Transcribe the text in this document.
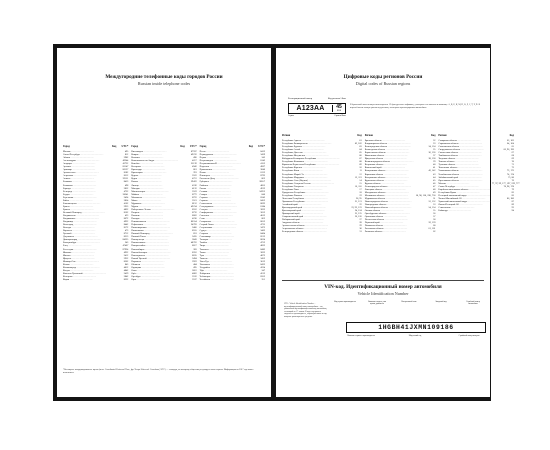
Междугородние телефонные коды городов России
Russian inside telephone codes
Город	Код	UTC*
Москва .....	495
Санкт-Петербург .....	812
Абакан .....	3902
Александров .....	49244
Анадырь .....	42722
Арзамас .....	83147
Армавир .....	86137
Архангельск .....	8182
Астрахань .....	8512
Ачинск .....	39151
Балаково .....	8453
Балашиха .....	498
Барнаул .....	3852
Белгород .....	4722
Бердск .....	38341
Березники .....	3424
Бийск .....	3854
Благовещенск .....	4162
Братск .....	3953
Брянск .....	4832
Великий Новгород .....	8162
Владивосток .....	423
Владикавказ .....	8672
Владимир .....	4922
Волгоград .....	8442
Вологда .....	8172
Воронеж .....	473
Грозный .....	8712
Дзержинск .....	8313
Димитровград .....	84235
Екатеринбург .....	343
Елец .....	47467
Ессентуки .....	87934
Иваново .....	4932
Ижевск .....	3412
Иркутск .....	3952
Йошкар-Ола .....	8362
Казань .....	843
Калининград .....	4012
Калуга .....	4842
Каменск-Уральский .....	3439
Кемерово .....	3842
Киров .....	8332
Город	Код	UTC*
Кисловодск .....	87937
Ковров .....	49232
Коломна .....	496
Комсомольск-на-Амуре .....	4217
Копейск .....	35139
Кострома .....	4942
Краснодар .....	861
Красноярск .....	391
Курган .....	3522
Курск .....	4712
Кызыл .....	39422
Липецк .....	4742
Магадан .....	4132
Магнитогорск .....	3519
Майкоп .....	8772
Махачкала .....	8722
Миасс .....	3513
Мурманск .....	8152
Муром .....	49234
Набережные Челны .....	8552
Назрань .....	8732
Нальчик .....	8662
Находка .....	4236
Невинномысск .....	86554
Нефтекамск .....	34783
Нижневартовск .....	3466
Нижнекамск .....	8555
Нижний Новгород .....	831
Нижний Тагил .....	3435
Новокузнецк .....	3843
Новомосковск .....	48762
Новороссийск .....	8617
Новосибирск .....	383
Новочебоксарск .....	8352
Новочеркасск .....	8635
Новый Уренгой .....	3494
Норильск .....	3919
Обнинск .....	484
Одинцово .....	495
Омск .....	3812
Орёл .....	4862
Оренбург .....	3532
Орск .....	3537
Город	Код	UTC*
Пенза .....	8412
Первоуральск .....	3439
Пермь .....	342
Петрозаводск .....	8142
Петропавловск-К. .....	4152
Подольск .....	4967
Прокопьевск .....	3846
Псков .....	8112
Пятигорск .....	8793
Ростов-на-Дону .....	863
Рубцовск .....	38557
Рыбинск .....	4855
Рязань .....	4912
Салават .....	34763
Самара .....	846
Саранск .....	8342
Саратов .....	8452
Севастополь .....	8692
Северодвинск .....	8184
Северск .....	3823
Симферополь .....	3652
Смоленск .....	4812
Сочи .....	862
Ставрополь .....	8652
Старый Оскол .....	4725
Стерлитамак .....	3473
Сургут .....	3462
Сызрань .....	8464
Сыктывкар .....	8212
Таганрог .....	8634
Тамбов .....	4752
Тверь .....	4822
Тольятти .....	8482
Томск .....	3822
Тула .....	4872
Тюмень .....	3452
Улан-Удэ .....	3012
Ульяновск .....	8422
Уссурийск .....	4234
Уфа .....	347
Хабаровск .....	4212
Чебоксары .....	8352
Челябинск .....	351
*Всемирное координированное время (англ. Coordinated Universal Time, фр. Temps Universel Coordonné, UTC) — стандарт, по которому общество регулирует часы и время. Информация на 2017 год может измениться.
Цифровые коды регионов России
Digital codes of Russian regions
Регистрационный номер	Код региона/ Флаг
А123АА	45
RUS
Серия	Страна/Флаг
В буквенной части номера используются 12 букв русского алфавита, у которых есть аналоги в латинице: А, В, Е, К, М, Н, О, Р, С, Т, У, Х. В верхней части номера указан код региона, в котором зарегистрирован автомобиль.
Регион	Код
Республика Адыгея .....	01
Республика Башкортостан .....	02, 102
Республика Бурятия .....	03
Республика Алтай .....	04
Республика Дагестан .....	05
Республика Ингушетия .....	06
Кабардино-Балкарская Республика .....	07
Республика Калмыкия .....	08
Карачаево-Черкесская Республика .....	09
Республика Карелия .....	10
Республика Коми .....	11
Республика Марий Эл .....	12
Республика Мордовия .....	13, 113
Республика Саха (Якутия) .....	14
Республика Северная Осетия .....	15
Республика Татарстан .....	16, 116
Республика Тыва .....	17
Удмуртская Республика .....	18
Республика Хакасия .....	19
Чеченская Республика .....	20, 95
Чувашская Республика .....	21, 121
Алтайский край .....	22
Краснодарский край .....	23, 93, 123
Красноярский край .....	24, 124
Приморский край .....	25, 125
Ставропольский край .....	26, 126
Хабаровский край .....	27
Амурская область .....	28
Архангельская область .....	29
Астраханская область .....	30
Белгородская область .....	31
Регион	Код
Брянская область .....	32
Владимирская область .....	33
Волгоградская область .....	34, 134
Вологодская область .....	35
Воронежская область .....	36, 136
Ивановская область .....	37
Иркутская область .....	38, 138
Калининградская область .....	39
Калужская область .....	40
Камчатский край .....	41
Кемеровская область .....	42, 142
Кировская область .....	43
Костромская область .....	44
Курганская область .....	45
Курская область .....	46
Ленинградская область .....	47
Липецкая область .....	48
Магаданская область .....	49
Московская область .....	50, 90, 150, 190, 750
Мурманская область .....	51
Нижегородская область .....	52, 152
Новгородская область .....	53
Новосибирская область .....	54, 154
Омская область .....	55
Оренбургская область .....	56
Орловская область .....	57
Пензенская область .....	58
Пермский край .....	59, 159
Псковская область .....	60
Ростовская область .....	61, 161
Рязанская область .....	62
Регион	Код
Самарская область .....	63, 163
Саратовская область .....	64, 164
Сахалинская область .....	65
Свердловская область .....	66, 96, 196
Смоленская область .....	67
Тамбовская область .....	68
Тверская область .....	69
Томская область .....	70
Тульская область .....	71
Тюменская область .....	72
Ульяновская область .....	73, 173
Челябинская область .....	74, 174
Забайкальский край .....	75, 80
Ярославская область .....	76
Москва .....	77, 97, 99, 177, 197, 199, 777
Санкт-Петербург .....	78, 98, 178
Еврейская автономная область .....	79
Республика Крым .....	82
Ненецкий автономный округ .....	83
Ханты-Мансийский АО .....	86, 186
Чукотский автономный округ .....	87
Ямало-Ненецкий АО .....	89
Севастополь .....	92
Байконур .....	94
VIN-код. Идентификационный номер автомобиля
Vehicle Identification Number
VIN – Vehicle Identification Number – идентификационный номер автомобиля – это уникальный идентификационный код автомобиля, состоящий из 17 знаков. В коде содержатся сведения о производителе, характеристиках и годе выпуска транспортного средства.
Код страны производителя	Описание модели, тип кузова, двигатель
Контрольный знак	Заводской код	Серийный номер автомобиля
1HGBH41JXMN109186
Название страны и производителя	Модельный год	Серийный номер выпуска
